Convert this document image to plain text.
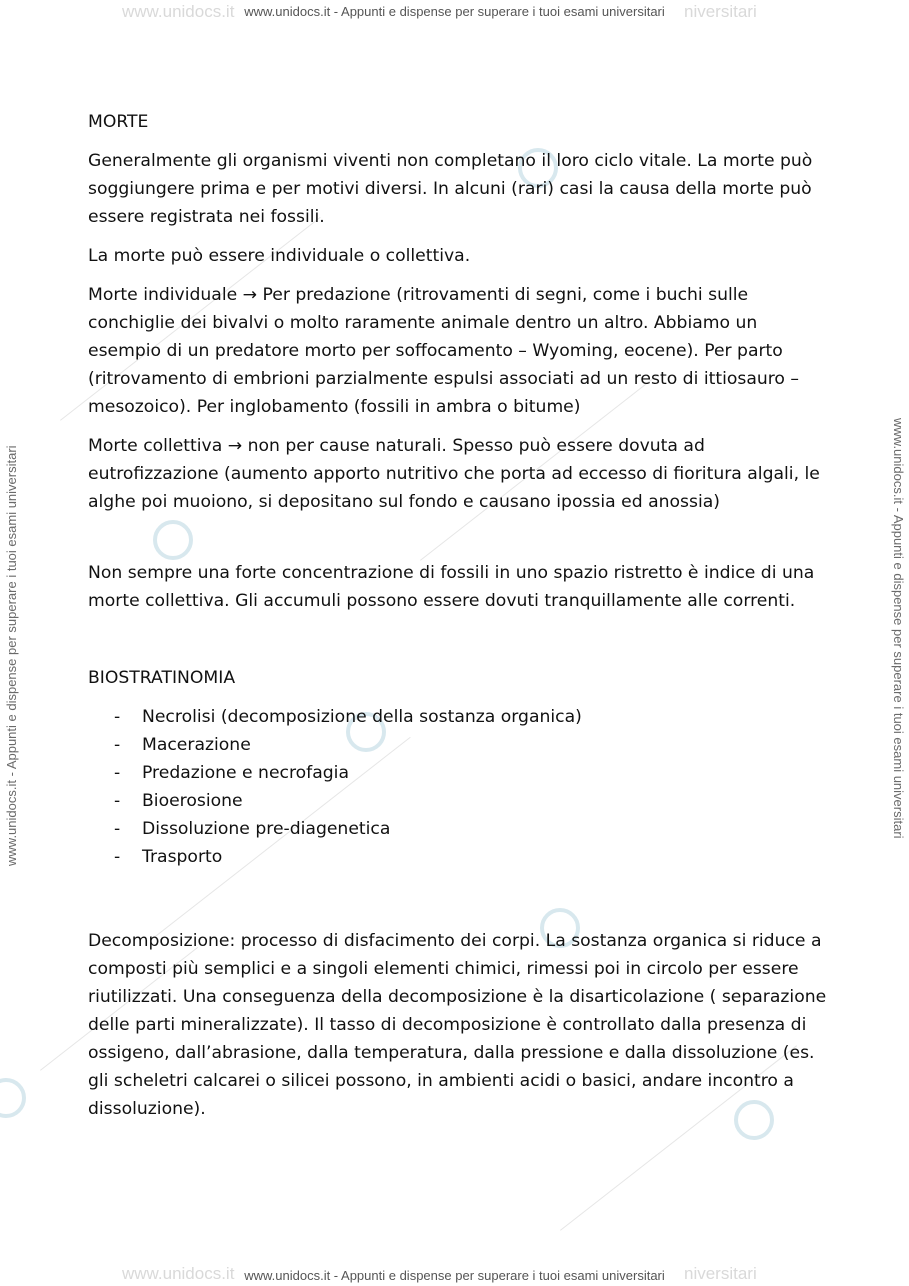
www.unidocs.it	niversitari
www.unidocs.it - Appunti e dispense per superare i tuoi esami universitari
www.unidocs.it	niversitari
www.unidocs.it - Appunti e dispense per superare i tuoi esami universitari
www.unidocs.it - Appunti e dispense per superare i tuoi esami universitari	www.unidocs.it - Appunti e dispense per superare i tuoi esami universitari

MORTE

Generalmente gli organismi viventi non completano il loro ciclo vitale. La morte può soggiungere prima e per motivi diversi. In alcuni (rari) casi la causa della morte può essere registrata nei fossili.

La morte può essere individuale o collettiva.

Morte individuale → Per predazione (ritrovamenti di segni, come i buchi sulle conchiglie dei bivalvi o molto raramente animale dentro un altro. Abbiamo un esempio di un predatore morto per soffocamento – Wyoming, eocene). Per parto (ritrovamento di embrioni parzialmente espulsi associati ad un resto di ittiosauro – mesozoico). Per inglobamento (fossili in ambra o bitume)

Morte collettiva → non per cause naturali. Spesso può essere dovuta ad eutrofizzazione (aumento apporto nutritivo che porta ad eccesso di fioritura algali, le alghe poi muoiono, si depositano sul fondo e causano ipossia ed anossia)

Non sempre una forte concentrazione di fossili in uno spazio ristretto è indice di una morte collettiva. Gli accumuli possono essere dovuti tranquillamente alle correnti.

BIOSTRATINOMIA

- Necrolisi (decomposizione della sostanza organica)
- Macerazione
- Predazione e necrofagia
- Bioerosione
- Dissoluzione pre-diagenetica
- Trasporto

Decomposizione: processo di disfacimento dei corpi. La sostanza organica si riduce a composti più semplici e a singoli elementi chimici, rimessi poi in circolo per essere riutilizzati. Una conseguenza della decomposizione è la disarticolazione ( separazione delle parti mineralizzate). Il tasso di decomposizione è controllato dalla presenza di ossigeno, dall’abrasione, dalla temperatura, dalla pressione e dalla dissoluzione (es. gli scheletri calcarei o silicei possono, in ambienti acidi o basici, andare incontro a dissoluzione).
